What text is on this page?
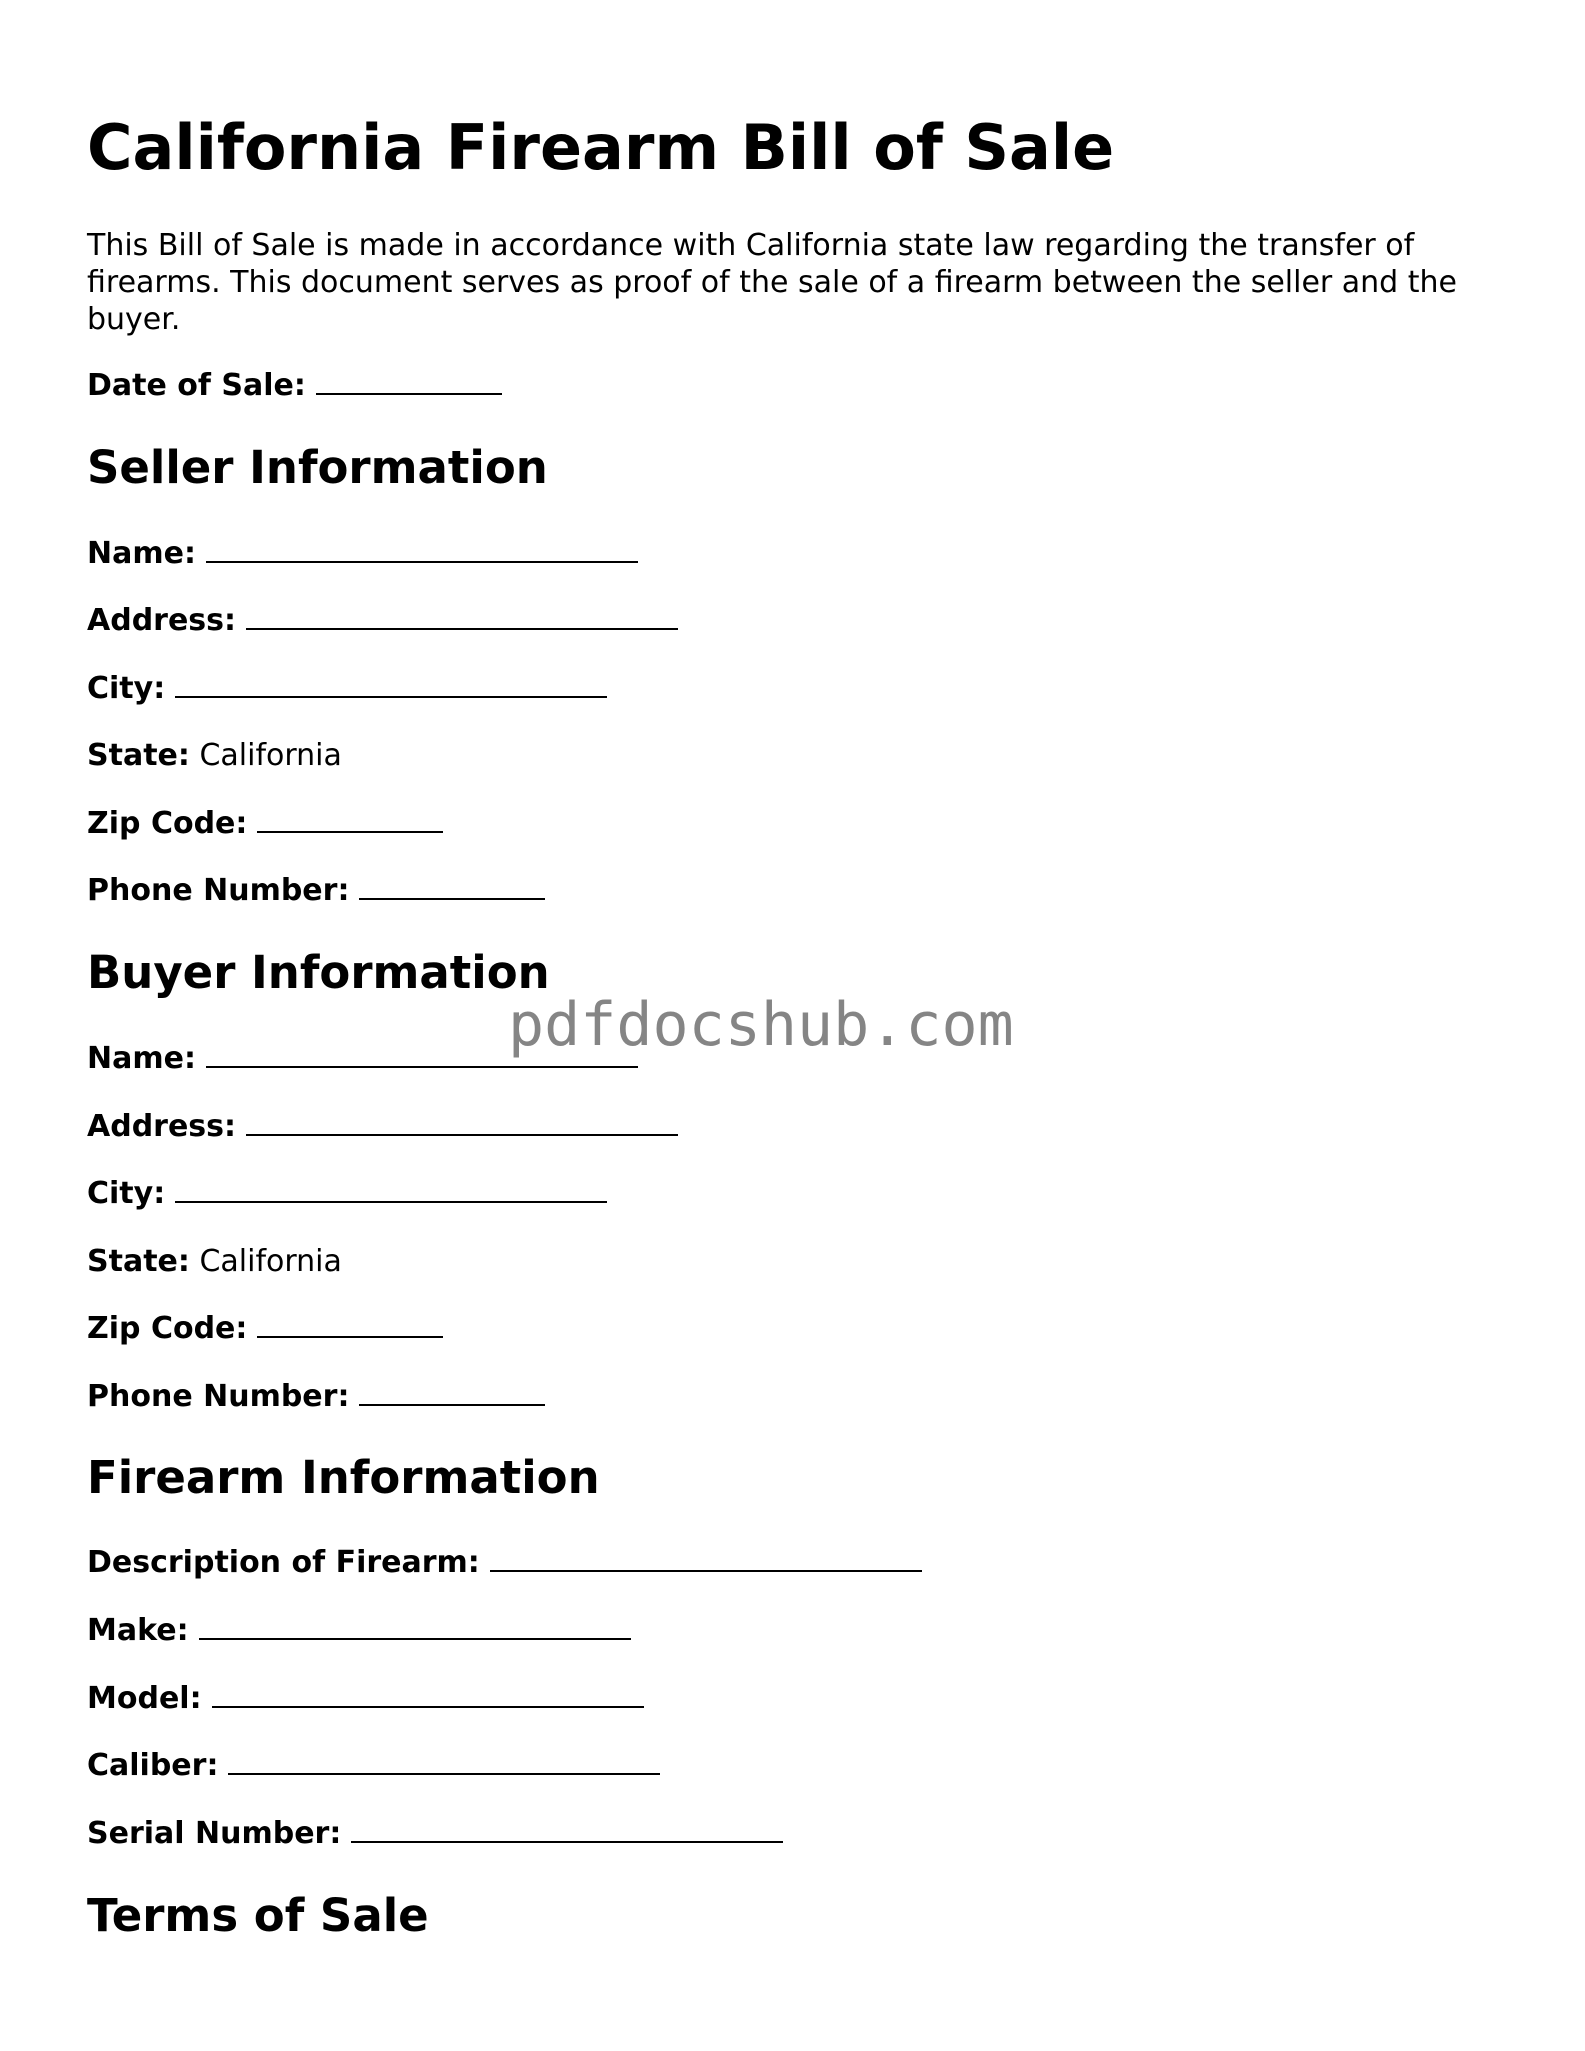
California Firearm Bill of Sale

This Bill of Sale is made in accordance with California state law regarding the transfer of firearms. This document serves as proof of the sale of a firearm between the seller and the buyer.

Date of Sale:
Seller Information
Name:
Address:
City:
State: California
Zip Code:
Phone Number:
Buyer Information
Name:
Address:
City:
State: California
Zip Code:
Phone Number:
Firearm Information
Description of Firearm:
Make:
Model:
Caliber:
Serial Number:
Terms of Sale
pdfdocshub.com
